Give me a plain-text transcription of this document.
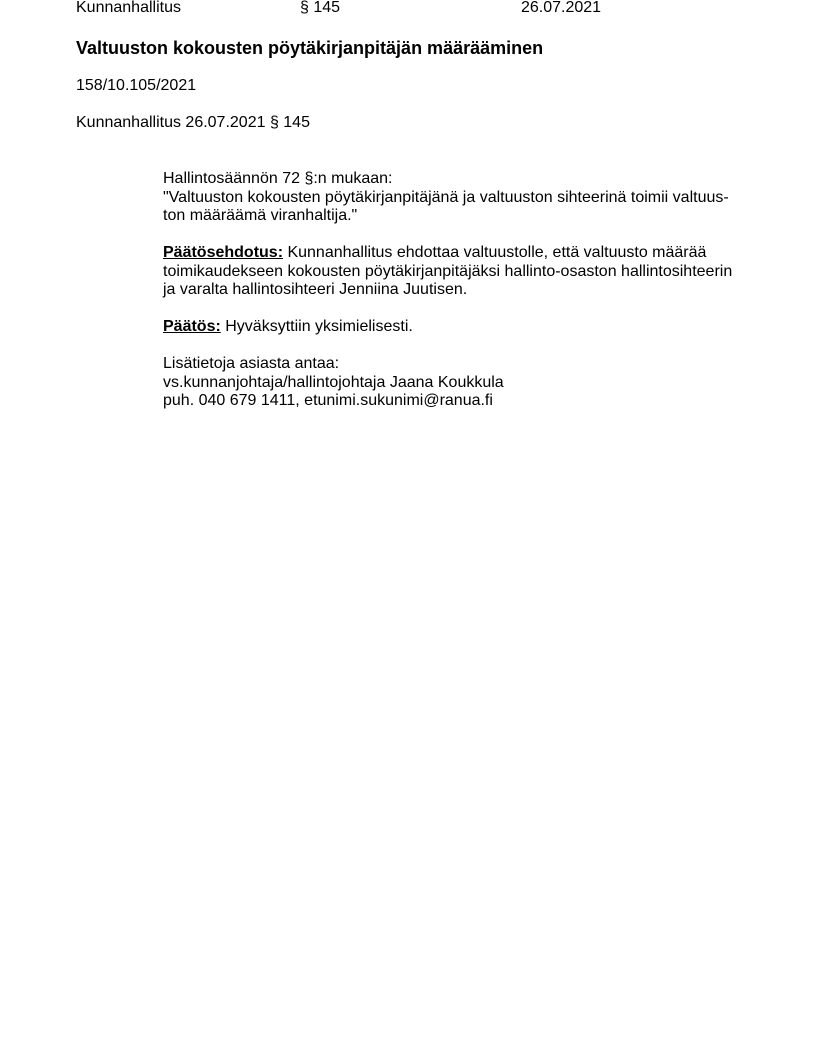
Kunnanhallitus	§ 145	26.07.2021
Valtuuston kokousten pöytäkirjanpitäjän määrääminen
158/10.105/2021
Kunnanhallitus 26.07.2021 § 145

Hallintosäännön 72 §:n mukaan:
"Valtuuston kokousten pöytäkirjanpitäjänä ja valtuuston sihteerinä toimii valtuus-
ton määräämä viranhaltija."

Päätösehdotus: Kunnanhallitus ehdottaa valtuustolle, että valtuusto määrää
toimikaudekseen kokousten pöytäkirjanpitäjäksi hallinto-osaston hallintosihteerin
ja varalta hallintosihteeri Jenniina Juutisen.

Päätös: Hyväksyttiin yksimielisesti.

Lisätietoja asiasta antaa:
vs.kunnanjohtaja/hallintojohtaja Jaana Koukkula
puh. 040 679 1411, etunimi.sukunimi@ranua.fi
